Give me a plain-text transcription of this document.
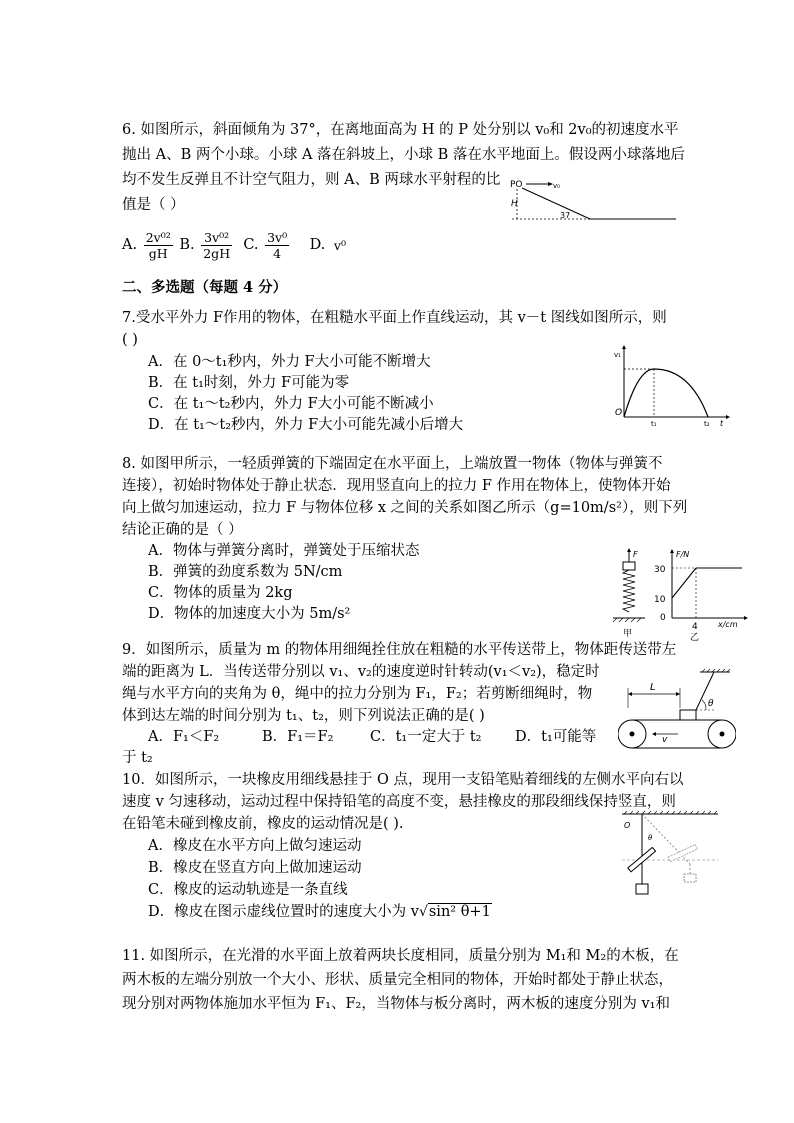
6. 如图所示，斜面倾角为 37°，在离地面高为 H 的 P 处分别以 v₀和 2v₀的初速度水平
抛出 A、B 两个小球。小球 A 落在斜坡上，小球 B 落在水平地面上。假设两小球落地后
均不发生反弹且不计空气阻力，则 A、B 两球水平射程的比
值是（ ）
A. $\frac{\text{2v⁰²}}{gH} B$. $\frac{\text{3v⁰²}}{2gH} C$. $\frac{\text{3v⁰}}{4} D$. v⁰
PO	v₀
H
37
二、多选题（每题 4 分）
7.受水平外力 F作用的物体，在粗糙水平面上作直线运动，其 v－t 图线如图所示，则
( )
A．在 0～t₁秒内，外力 F大小可能不断增大
B．在 t₁时刻，外力 F可能为零
C．在 t₁～t₂秒内，外力 F大小可能不断减小
D．在 t₁～t₂秒内，外力 F大小可能先减小后增大
v₁
O
t₁	t₂ t
8. 如图甲所示，一轻质弹簧的下端固定在水平面上，上端放置一物体（物体与弹簧不
连接），初始时物体处于静止状态．现用竖直向上的拉力 F 作用在物体上，使物体开始
向上做匀加速运动，拉力 F 与物体位移 x 之间的关系如图乙所示（g=10m/s²），则下列
结论正确的是（ ）
A．物体与弹簧分离时，弹簧处于压缩状态
B．弹簧的劲度系数为 5N/cm
C．物体的质量为 2kg
D．物体的加速度大小为 5m/s²
F
甲
F/N
30
10
0
4	x/cm
乙
9．如图所示，质量为 m 的物体用细绳拴住放在粗糙的水平传送带上，物体距传送带左
端的距离为 L．当传送带分别以 v₁、v₂的速度逆时针转动(v₁＜v₂)，稳定时
绳与水平方向的夹角为 θ，绳中的拉力分别为 F₁，F₂；若剪断细绳时，物
体到达左端的时间分别为 t₁、t₂，则下列说法正确的是( )
A．F₁＜F₂	B．F₁＝F₂	C．t₁一定大于 t₂ D．t₁可能等
于 t₂
θ
L
v
10．如图所示，一块橡皮用细线悬挂于 O 点，现用一支铅笔贴着细线的左侧水平向右以
速度 v 匀速移动，运动过程中保持铅笔的高度不变，悬挂橡皮的那段细线保持竖直，则
在铅笔未碰到橡皮前，橡皮的运动情况是( ).
A．橡皮在水平方向上做匀速运动
B．橡皮在竖直方向上做加速运动
C．橡皮的运动轨迹是一条直线
D．橡皮在图示虚线位置时的速度大小为 v√sin² θ+1
O
θ
11. 如图所示，在光滑的水平面上放着两块长度相同，质量分别为 M₁和 M₂的木板，在
两木板的左端分别放一个大小、形状、质量完全相同的物体，开始时都处于静止状态，
现分别对两物体施加水平恒为 F₁、F₂，当物体与板分离时，两木板的速度分别为 v₁和
